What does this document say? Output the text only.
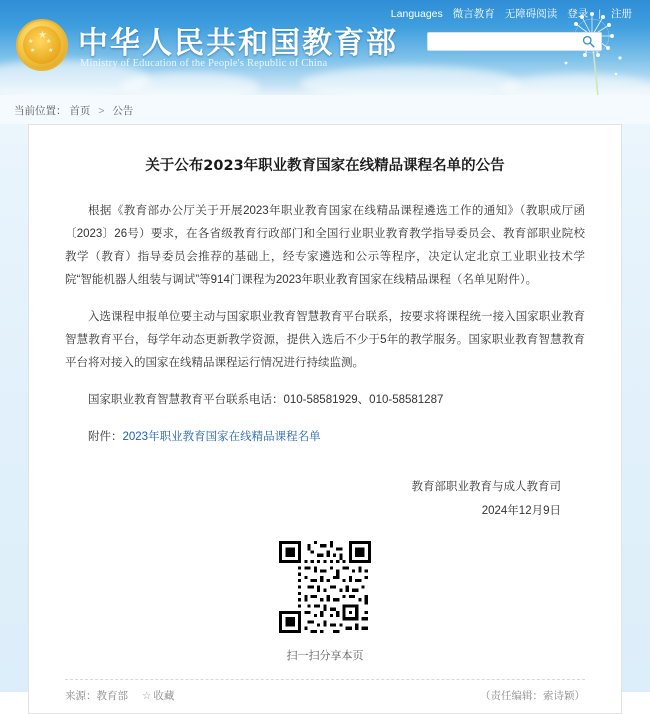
★
★
★
★
★ 中华人民共和国教育部
Ministry of Education of the People's Republic of China
Languages 微言教育 无障碍阅读 登录 | 注册
当前位置： 首页 > 公告
关于公布2023年职业教育国家在线精品课程名单的公告

根据《教育部办公厅关于开展2023年职业教育国家在线精品课程遴选工作的通知》（教职成厅函〔2023〕26号）要求，在各省级教育行政部门和全国行业职业教育教学指导委员会、教育部职业院校教学（教育）指导委员会推荐的基础上，经专家遴选和公示等程序，决定认定北京工业职业技术学院“智能机器人组装与调试”等914门课程为2023年职业教育国家在线精品课程（名单见附件）。

入选课程申报单位要主动与国家职业教育智慧教育平台联系，按要求将课程统一接入国家职业教育智慧教育平台，每学年动态更新教学资源，提供入选后不少于5年的教学服务。国家职业教育智慧教育平台将对接入的国家在线精品课程运行情况进行持续监测。

国家职业教育智慧教育平台联系电话：010-58581929、010-58581287

附件：2023年职业教育国家在线精品课程名单
教育部职业教育与成人教育司
2024年12月9日
扫一扫分享本页
来源：教育部 ☆ 收藏	（责任编辑：索诗颖）
